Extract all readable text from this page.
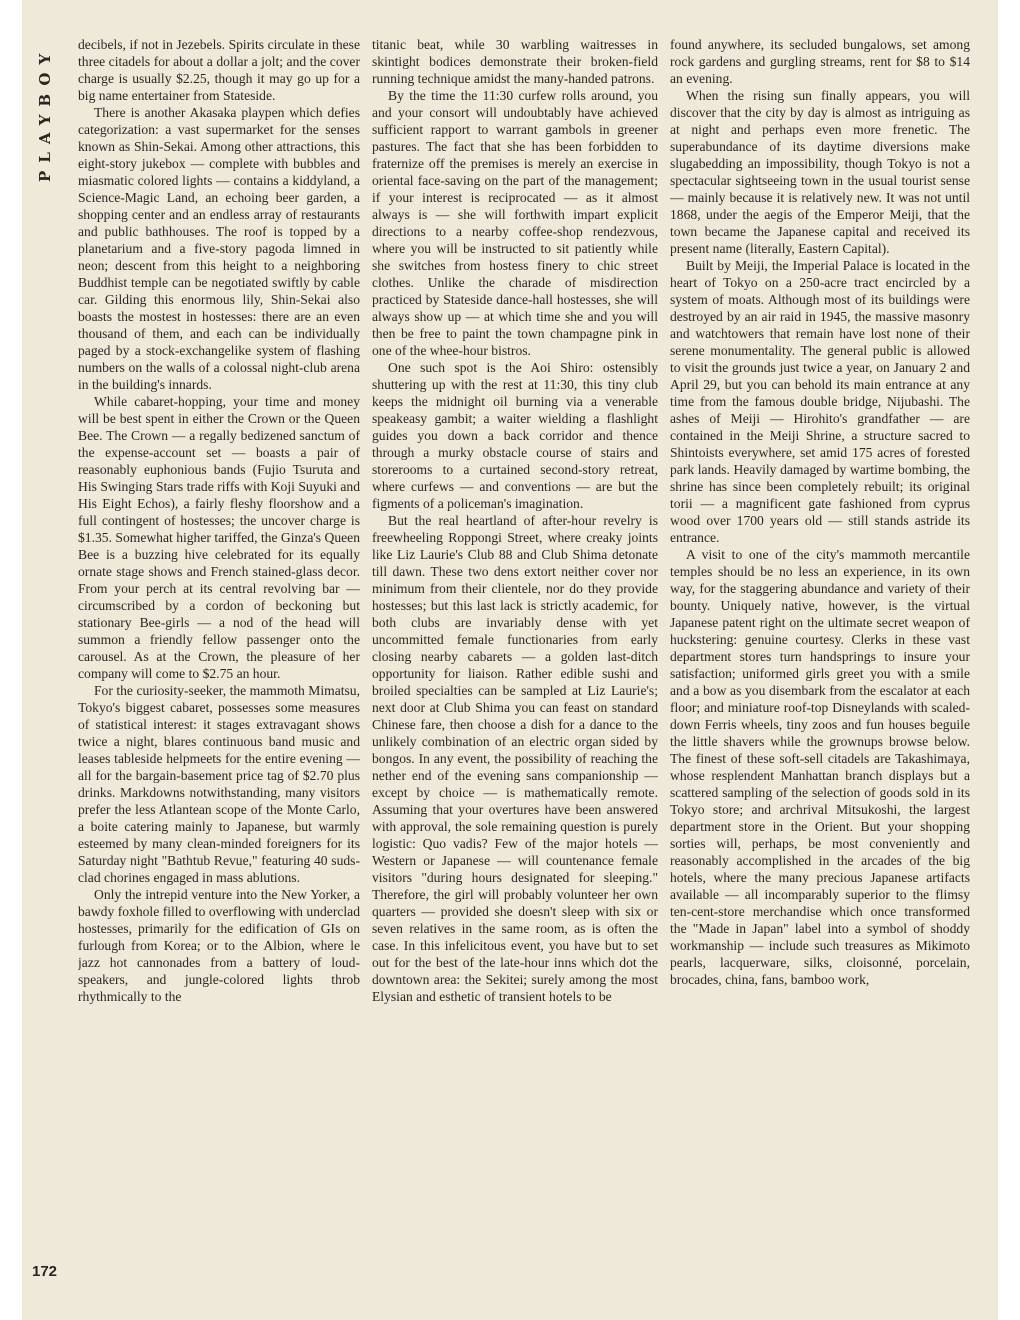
PLAYBOY

decibels, if not in Jezebels. Spirits circulate in these three citadels for about a dollar a jolt; and the cover charge is usually $2.25, though it may go up for a big name entertainer from Stateside.

There is another Akasaka playpen which defies categorization: a vast supermarket for the senses known as Shin-Sekai. Among other attractions, this eight-story jukebox — complete with bubbles and miasmatic colored lights — contains a kiddyland, a Science-Magic Land, an echoing beer garden, a shopping center and an endless array of restaurants and public bathhouses. The roof is topped by a planetarium and a five-story pagoda limned in neon; descent from this height to a neighboring Buddhist temple can be negotiated swiftly by cable car. Gilding this enormous lily, Shin-Sekai also boasts the mostest in hostesses: there are an even thousand of them, and each can be individually paged by a stock-exchangelike system of flashing numbers on the walls of a colossal night-club arena in the building's innards.

While cabaret-hopping, your time and money will be best spent in either the Crown or the Queen Bee. The Crown — a regally bedizened sanctum of the expense-account set — boasts a pair of reasonably euphonious bands (Fujio Tsuruta and His Swinging Stars trade riffs with Koji Suyuki and His Eight Echos), a fairly fleshy floorshow and a full contingent of hostesses; the uncover charge is $1.35. Somewhat higher tariffed, the Ginza's Queen Bee is a buzzing hive celebrated for its equally ornate stage shows and French stained-glass decor. From your perch at its central revolving bar — circumscribed by a cordon of beckoning but stationary Bee-girls — a nod of the head will summon a friendly fellow passenger onto the carousel. As at the Crown, the pleasure of her company will come to $2.75 an hour.

For the curiosity-seeker, the mammoth Mimatsu, Tokyo's biggest cabaret, possesses some measures of statistical interest: it stages extravagant shows twice a night, blares continuous band music and leases tableside helpmeets for the entire evening — all for the bargain-basement price tag of $2.70 plus drinks. Markdowns notwithstanding, many visitors prefer the less Atlantean scope of the Monte Carlo, a boite catering mainly to Japanese, but warmly esteemed by many clean-minded foreigners for its Saturday night "Bathtub Revue," featuring 40 suds-clad chorines engaged in mass ablutions.

Only the intrepid venture into the New Yorker, a bawdy foxhole filled to overflowing with underclad hostesses, primarily for the edification of GIs on furlough from Korea; or to the Albion, where le jazz hot cannonades from a battery of loud-speakers, and jungle-colored lights throb rhythmically to the

titanic beat, while 30 warbling waitresses in skintight bodices demonstrate their broken-field running technique amidst the many-handed patrons.

By the time the 11:30 curfew rolls around, you and your consort will undoubtably have achieved sufficient rapport to warrant gambols in greener pastures. The fact that she has been forbidden to fraternize off the premises is merely an exercise in oriental face-saving on the part of the management; if your interest is reciprocated — as it almost always is — she will forthwith impart explicit directions to a nearby coffee-shop rendezvous, where you will be instructed to sit patiently while she switches from hostess finery to chic street clothes. Unlike the charade of misdirection practiced by Stateside dance-hall hostesses, she will always show up — at which time she and you will then be free to paint the town champagne pink in one of the whee-hour bistros.

One such spot is the Aoi Shiro: ostensibly shuttering up with the rest at 11:30, this tiny club keeps the midnight oil burning via a venerable speakeasy gambit; a waiter wielding a flashlight guides you down a back corridor and thence through a murky obstacle course of stairs and storerooms to a curtained second-story retreat, where curfews — and conventions — are but the figments of a policeman's imagination.

But the real heartland of after-hour revelry is freewheeling Roppongi Street, where creaky joints like Liz Laurie's Club 88 and Club Shima detonate till dawn. These two dens extort neither cover nor minimum from their clientele, nor do they provide hostesses; but this last lack is strictly academic, for both clubs are invariably dense with yet uncommitted female functionaries from early closing nearby cabarets — a golden last-ditch opportunity for liaison. Rather edible sushi and broiled specialties can be sampled at Liz Laurie's; next door at Club Shima you can feast on standard Chinese fare, then choose a dish for a dance to the unlikely combination of an electric organ sided by bongos. In any event, the possibility of reaching the nether end of the evening sans companionship — except by choice — is mathematically remote. Assuming that your overtures have been answered with approval, the sole remaining question is purely logistic: Quo vadis? Few of the major hotels — Western or Japanese — will countenance female visitors "during hours designated for sleeping." Therefore, the girl will probably volunteer her own quarters — provided she doesn't sleep with six or seven relatives in the same room, as is often the case. In this infelicitous event, you have but to set out for the best of the late-hour inns which dot the downtown area: the Sekitei; surely among the most Elysian and esthetic of transient hotels to be

found anywhere, its secluded bungalows, set among rock gardens and gurgling streams, rent for $8 to $14 an evening.

When the rising sun finally appears, you will discover that the city by day is almost as intriguing as at night and perhaps even more frenetic. The superabundance of its daytime diversions make slugabedding an impossibility, though Tokyo is not a spectacular sightseeing town in the usual tourist sense — mainly because it is relatively new. It was not until 1868, under the aegis of the Emperor Meiji, that the town became the Japanese capital and received its present name (literally, Eastern Capital).

Built by Meiji, the Imperial Palace is located in the heart of Tokyo on a 250-acre tract encircled by a system of moats. Although most of its buildings were destroyed by an air raid in 1945, the massive masonry and watchtowers that remain have lost none of their serene monumentality. The general public is allowed to visit the grounds just twice a year, on January 2 and April 29, but you can behold its main entrance at any time from the famous double bridge, Nijubashi. The ashes of Meiji — Hirohito's grandfather — are contained in the Meiji Shrine, a structure sacred to Shintoists everywhere, set amid 175 acres of forested park lands. Heavily damaged by wartime bombing, the shrine has since been completely rebuilt; its original torii — a magnificent gate fashioned from cyprus wood over 1700 years old — still stands astride its entrance.

A visit to one of the city's mammoth mercantile temples should be no less an experience, in its own way, for the staggering abundance and variety of their bounty. Uniquely native, however, is the virtual Japanese patent right on the ultimate secret weapon of huckstering: genuine courtesy. Clerks in these vast department stores turn handsprings to insure your satisfaction; uniformed girls greet you with a smile and a bow as you disembark from the escalator at each floor; and miniature roof-top Disneylands with scaled-down Ferris wheels, tiny zoos and fun houses beguile the little shavers while the grownups browse below. The finest of these soft-sell citadels are Takashimaya, whose resplendent Manhattan branch displays but a scattered sampling of the selection of goods sold in its Tokyo store; and archrival Mitsukoshi, the largest department store in the Orient. But your shopping sorties will, perhaps, be most conveniently and reasonably accomplished in the arcades of the big hotels, where the many precious Japanese artifacts available — all incomparably superior to the flimsy ten-cent-store merchandise which once transformed the "Made in Japan" label into a symbol of shoddy workmanship — include such treasures as Mikimoto pearls, lacquerware, silks, cloisonné, porcelain, brocades, china, fans, bamboo work,

172
